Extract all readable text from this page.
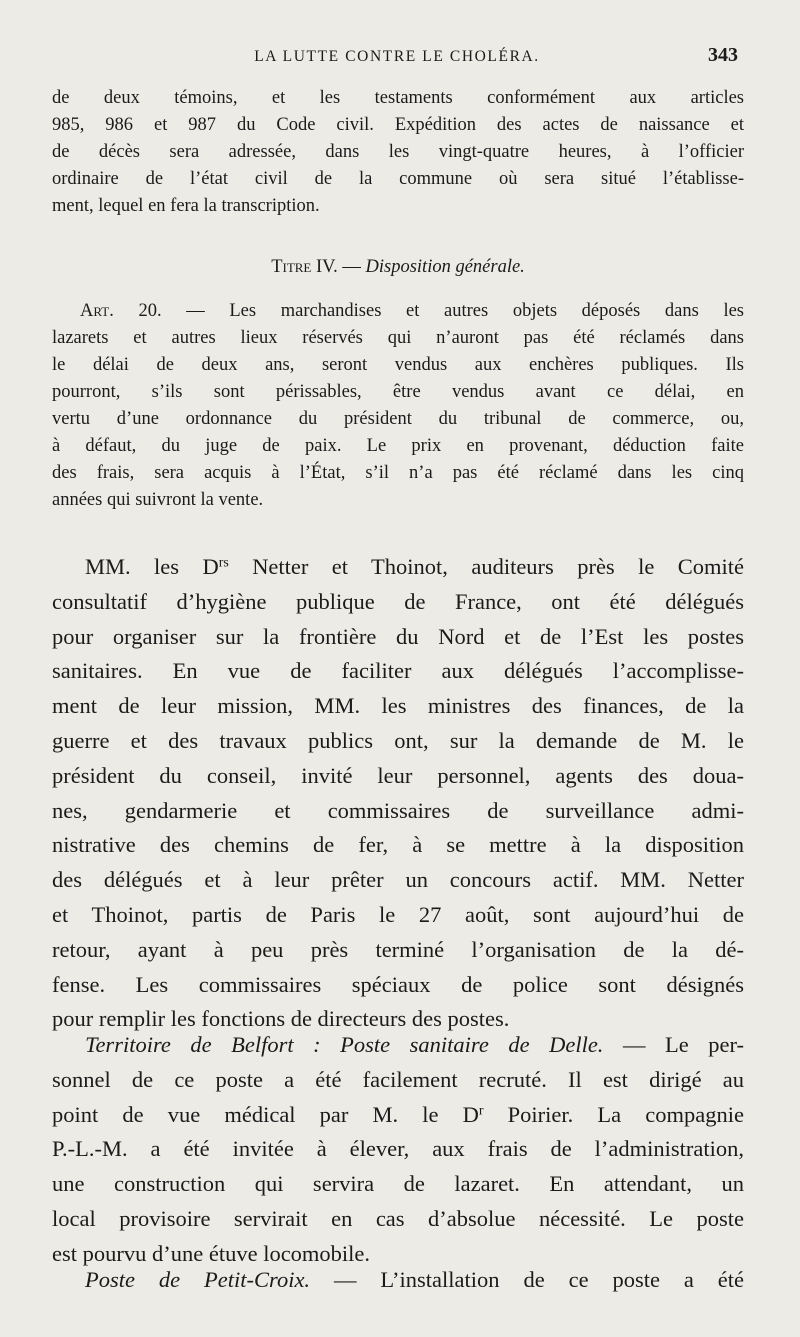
LA LUTTE CONTRE LE CHOLÉRA.	343
de deux témoins, et les testaments conformément aux articles
985, 986 et 987 du Code civil. Expédition des actes de naissance et
de décès sera adressée, dans les vingt-quatre heures, à l’officier
ordinaire de l’état civil de la commune où sera situé l’établisse-
ment, lequel en fera la transcription.
Titre IV. — Disposition générale.
Art. 20. — Les marchandises et autres objets déposés dans les
lazarets et autres lieux réservés qui n’auront pas été réclamés dans
le délai de deux ans, seront vendus aux enchères publiques. Ils
pourront, s’ils sont périssables, être vendus avant ce délai, en
vertu d’une ordonnance du président du tribunal de commerce, ou,
à défaut, du juge de paix. Le prix en provenant, déduction faite
des frais, sera acquis à l’État, s’il n’a pas été réclamé dans les cinq
années qui suivront la vente.
MM. les $D^{rs}$ Netter et Thoinot, auditeurs près le Comité
consultatif d’hygiène publique de France, ont été délégués
pour organiser sur la frontière du Nord et de l’Est les postes
sanitaires. En vue de faciliter aux délégués l’accomplisse-
ment de leur mission, MM. les ministres des finances, de la
guerre et des travaux publics ont, sur la demande de M. le
président du conseil, invité leur personnel, agents des doua-
nes, gendarmerie et commissaires de surveillance admi-
nistrative des chemins de fer, à se mettre à la disposition
des délégués et à leur prêter un concours actif. MM. Netter
et Thoinot, partis de Paris le 27 août, sont aujourd’hui de
retour, ayant à peu près terminé l’organisation de la dé-
fense. Les commissaires spéciaux de police sont désignés
pour remplir les fonctions de directeurs des postes.
Territoire de Belfort : Poste sanitaire de Delle. — Le per-
sonnel de ce poste a été facilement recruté. Il est dirigé au
point de vue médical par M. le $D^r$ Poirier. La compagnie
P.-L.-M. a été invitée à élever, aux frais de l’administration,
une construction qui servira de lazaret. En attendant, un
local provisoire servirait en cas d’absolue nécessité. Le poste
est pourvu d’une étuve locomobile.
Poste de Petit-Croix. — L’installation de ce poste a été
